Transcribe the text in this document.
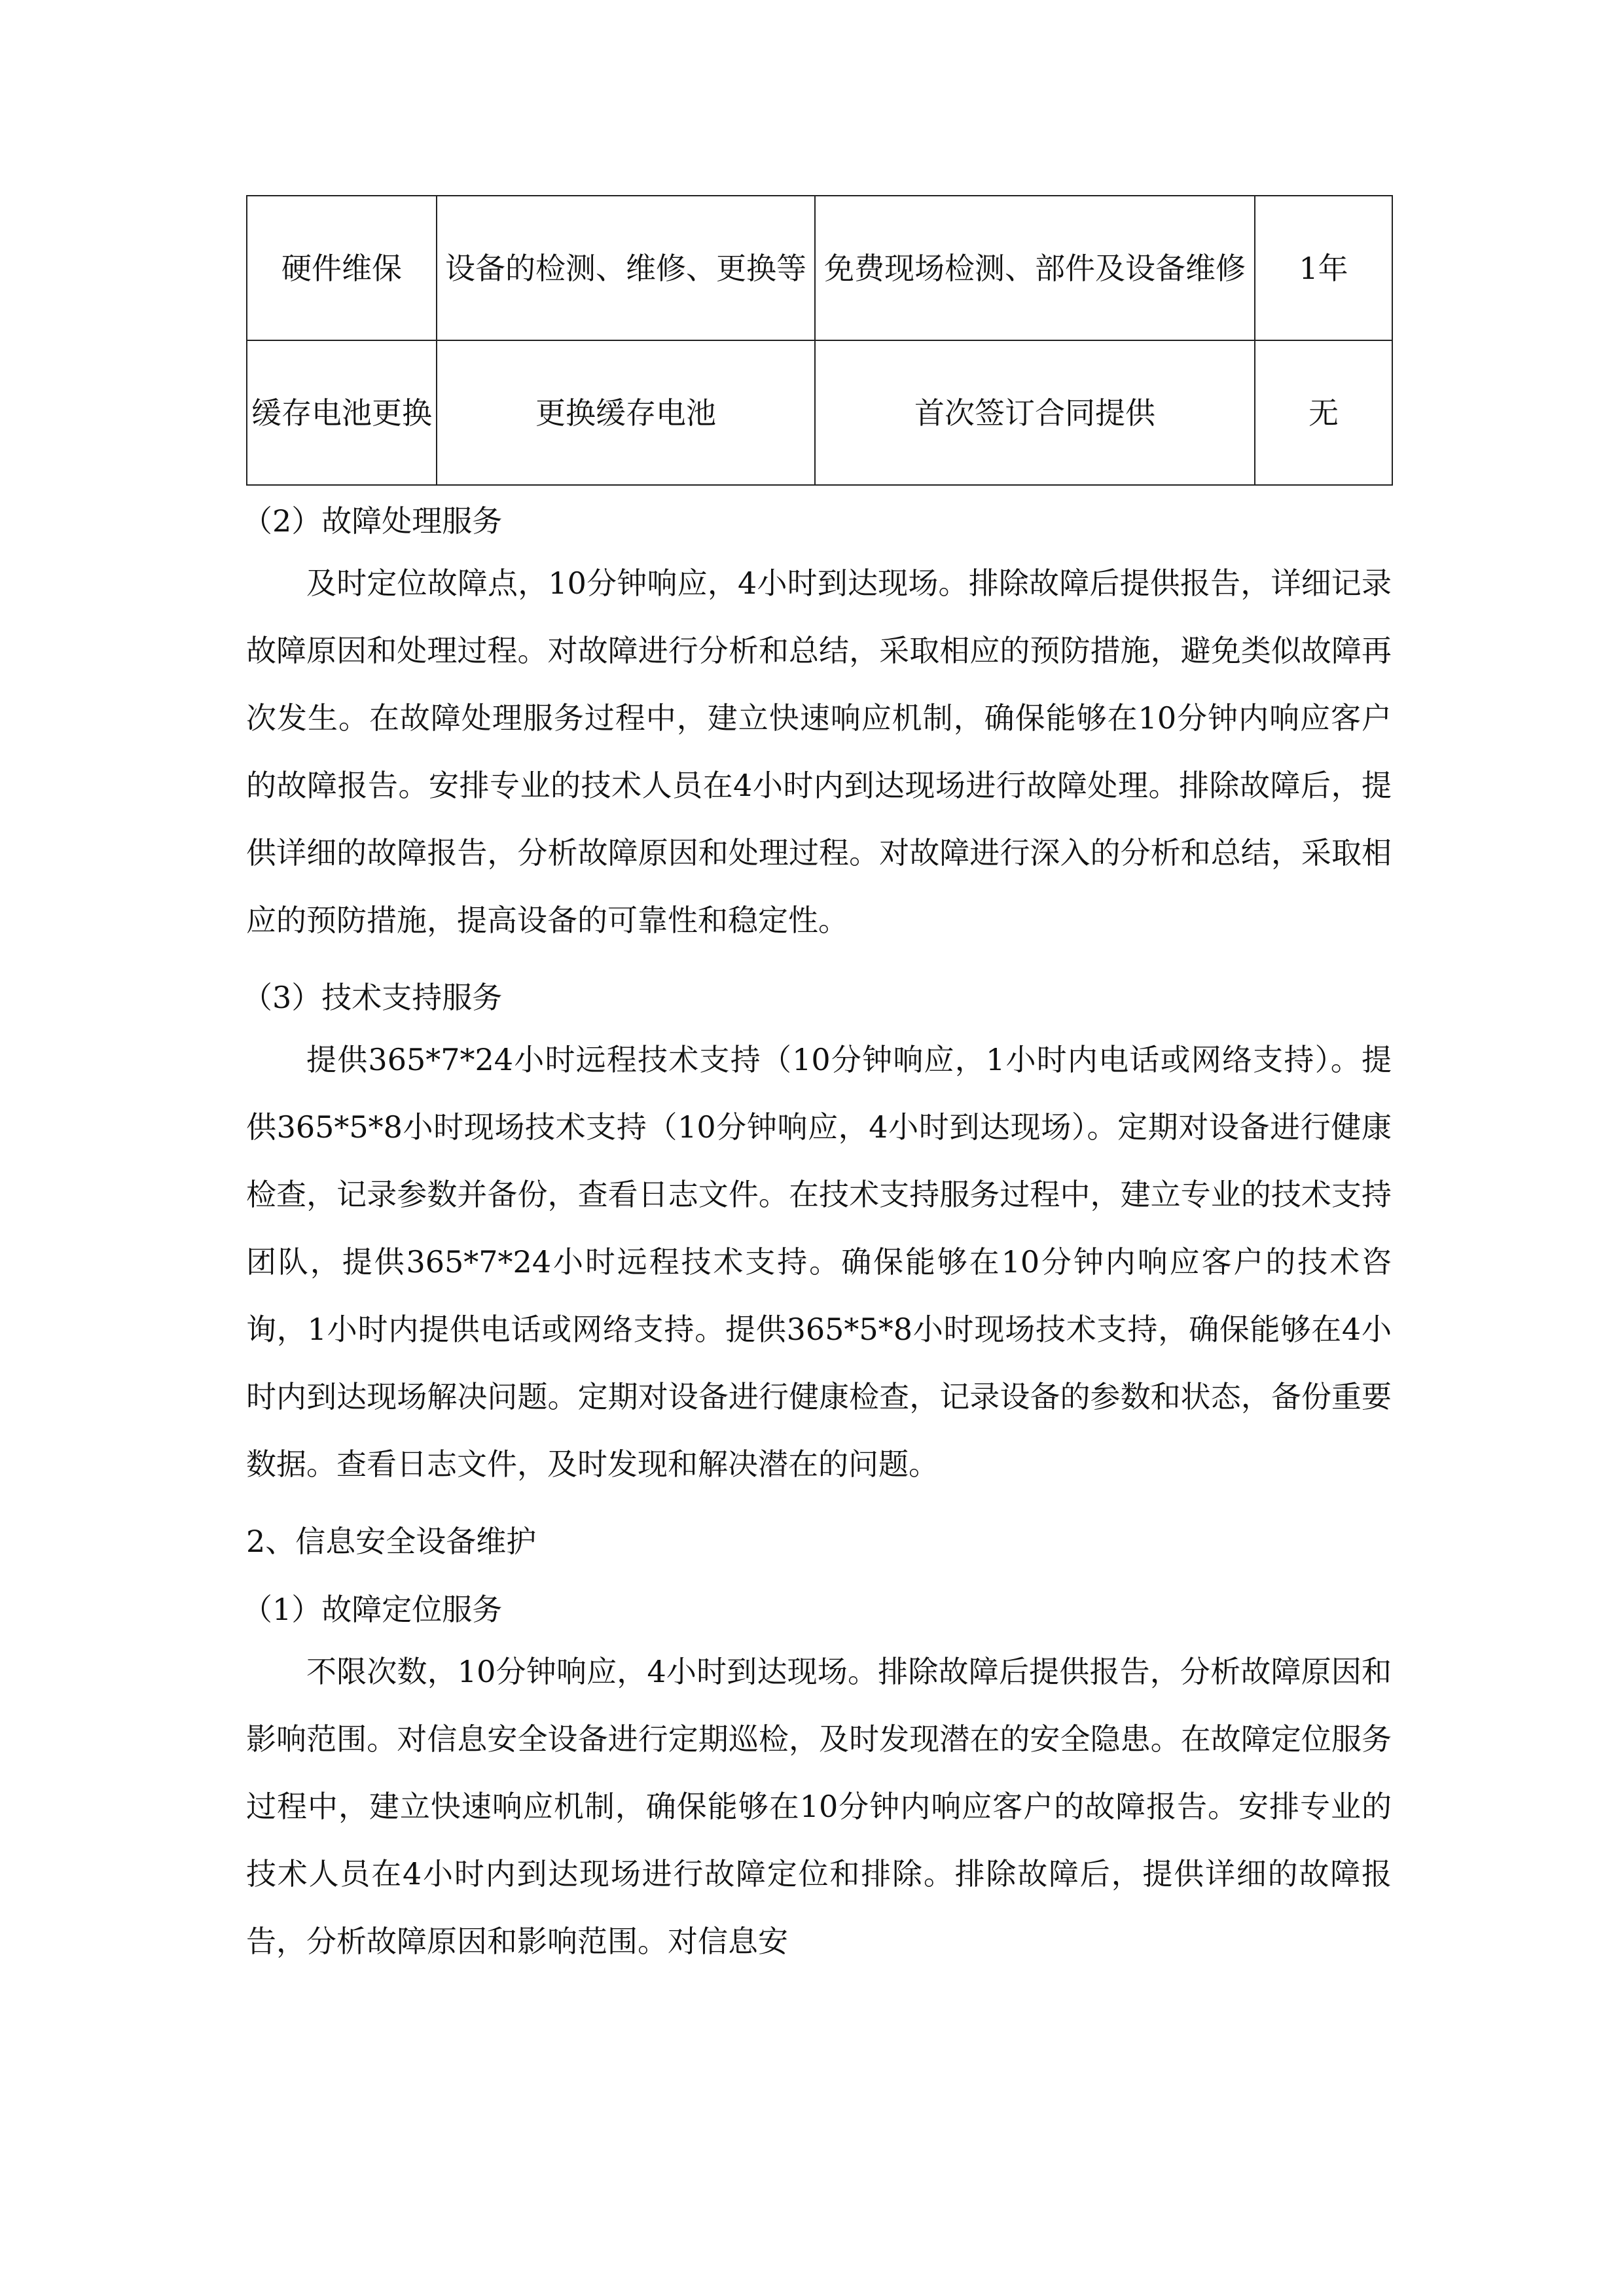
硬件维保	设备的检测、维修、更换等	免费现场检测、部件及设备维修	1年
缓存电池更换	更换缓存电池	首次签订合同提供	无

（2）故障处理服务

及时定位故障点，10分钟响应，4小时到达现场。排除故障后提供报告，详细记录故障原因和处理过程。对故障进行分析和总结，采取相应的预防措施，避免类似故障再次发生。在故障处理服务过程中，建立快速响应机制，确保能够在10分钟内响应客户的故障报告。安排专业的技术人员在4小时内到达现场进行故障处理。排除故障后，提供详细的故障报告，分析故障原因和处理过程。对故障进行深入的分析和总结，采取相应的预防措施，提高设备的可靠性和稳定性。

（3）技术支持服务

提供365*7*24小时远程技术支持（10分钟响应，1小时内电话或网络支持）。提供365*5*8小时现场技术支持（10分钟响应，4小时到达现场）。定期对设备进行健康检查，记录参数并备份，查看日志文件。在技术支持服务过程中，建立专业的技术支持团队，提供365*7*24小时远程技术支持。确保能够在10分钟内响应客户的技术咨询，1小时内提供电话或网络支持。提供365*5*8小时现场技术支持，确保能够在4小时内到达现场解决问题。定期对设备进行健康检查，记录设备的参数和状态，备份重要数据。查看日志文件，及时发现和解决潜在的问题。

2、信息安全设备维护

（1）故障定位服务

不限次数，10分钟响应，4小时到达现场。排除故障后提供报告，分析故障原因和影响范围。对信息安全设备进行定期巡检，及时发现潜在的安全隐患。在故障定位服务过程中，建立快速响应机制，确保能够在10分钟内响应客户的故障报告。安排专业的技术人员在4小时内到达现场进行故障定位和排除。排除故障后，提供详细的故障报告，分析故障原因和影响范围。对信息安
